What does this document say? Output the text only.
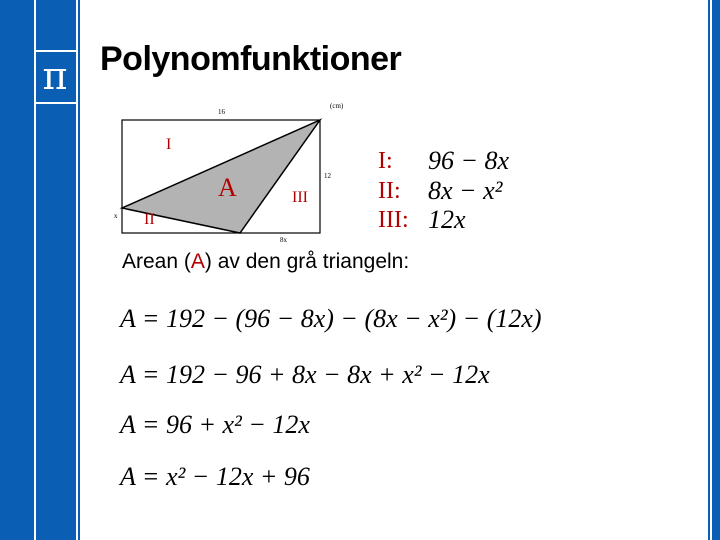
π Polynomfunktioner
16
(cm)
12
8x
x
I
II
III
A
I: 96 − 8x
II: 8x − x²
III: 12x
Arean (A) av den grå triangeln:
A = 192 − (96 − 8x) − (8x − x²) − (12x)
A = 192 − 96 + 8x − 8x + x² − 12x
A = 96 + x² − 12x
A = x² − 12x + 96
